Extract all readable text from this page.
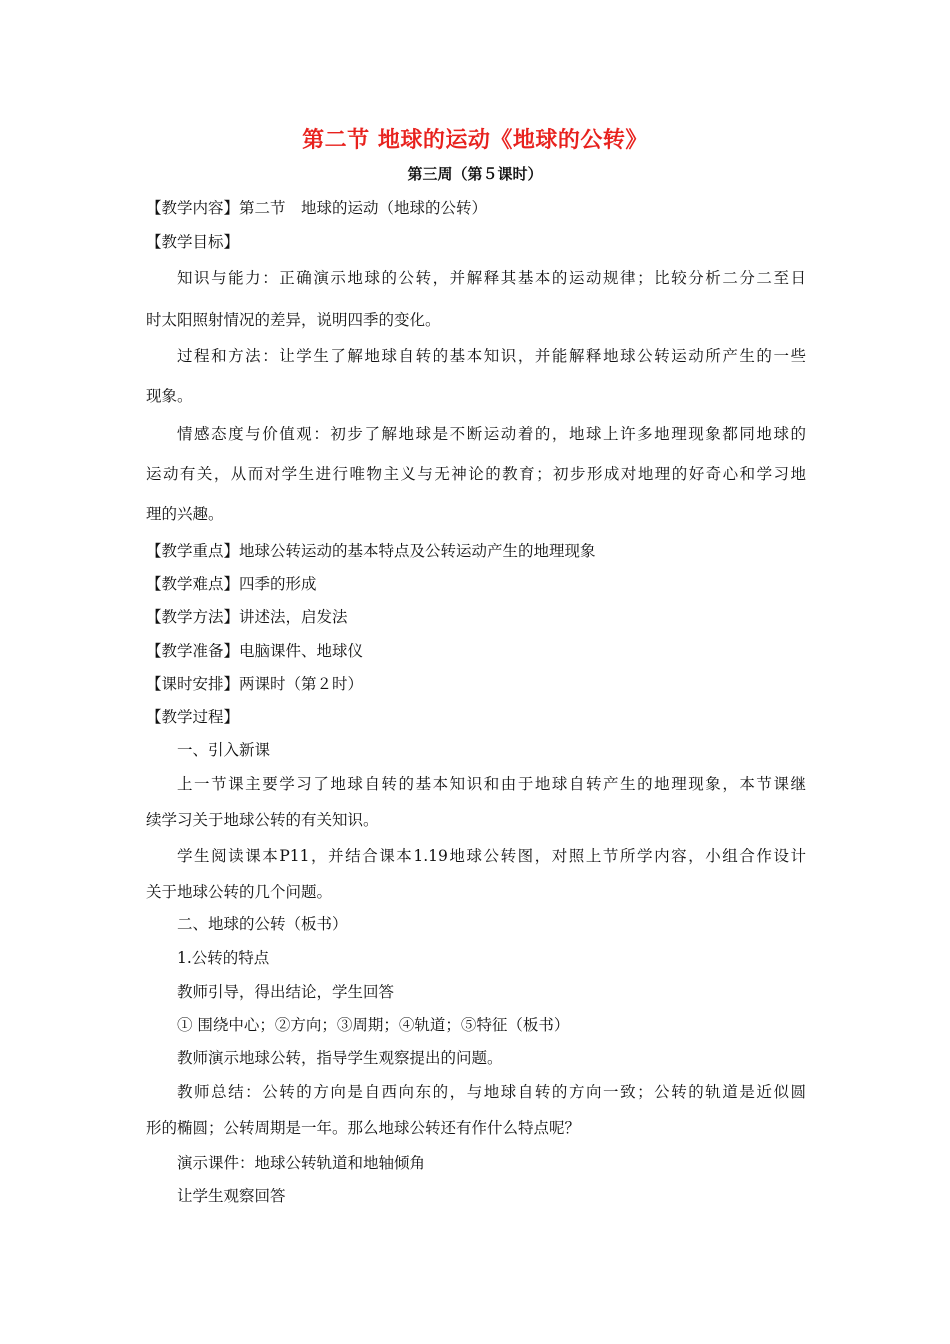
第二节 地球的运动《地球的公转》
第三周（第５课时）
【教学内容】第二节　地球的运动（地球的公转）
【教学目标】
知识与能力：正确演示地球的公转，并解释其基本的运动规律；比较分析二分二至日
时太阳照射情况的差异，说明四季的变化。
过程和方法：让学生了解地球自转的基本知识，并能解释地球公转运动所产生的一些
现象。
情感态度与价值观：初步了解地球是不断运动着的，地球上许多地理现象都同地球的
运动有关，从而对学生进行唯物主义与无神论的教育；初步形成对地理的好奇心和学习地
理的兴趣。
【教学重点】地球公转运动的基本特点及公转运动产生的地理现象
【教学难点】四季的形成
【教学方法】讲述法，启发法
【教学准备】电脑课件、地球仪
【课时安排】两课时（第２时）
【教学过程】
一、引入新课
上一节课主要学习了地球自转的基本知识和由于地球自转产生的地理现象，本节课继
续学习关于地球公转的有关知识。
学生阅读课本P11，并结合课本1.19地球公转图，对照上节所学内容，小组合作设计
关于地球公转的几个问题。
二、地球的公转（板书）
1.公转的特点
教师引导，得出结论，学生回答
① 围绕中心；②方向；③周期；④轨道；⑤特征（板书）
教师演示地球公转，指导学生观察提出的问题。
教师总结：公转的方向是自西向东的，与地球自转的方向一致；公转的轨道是近似圆
形的椭圆；公转周期是一年。那么地球公转还有作什么特点呢？
演示课件：地球公转轨道和地轴倾角
让学生观察回答
